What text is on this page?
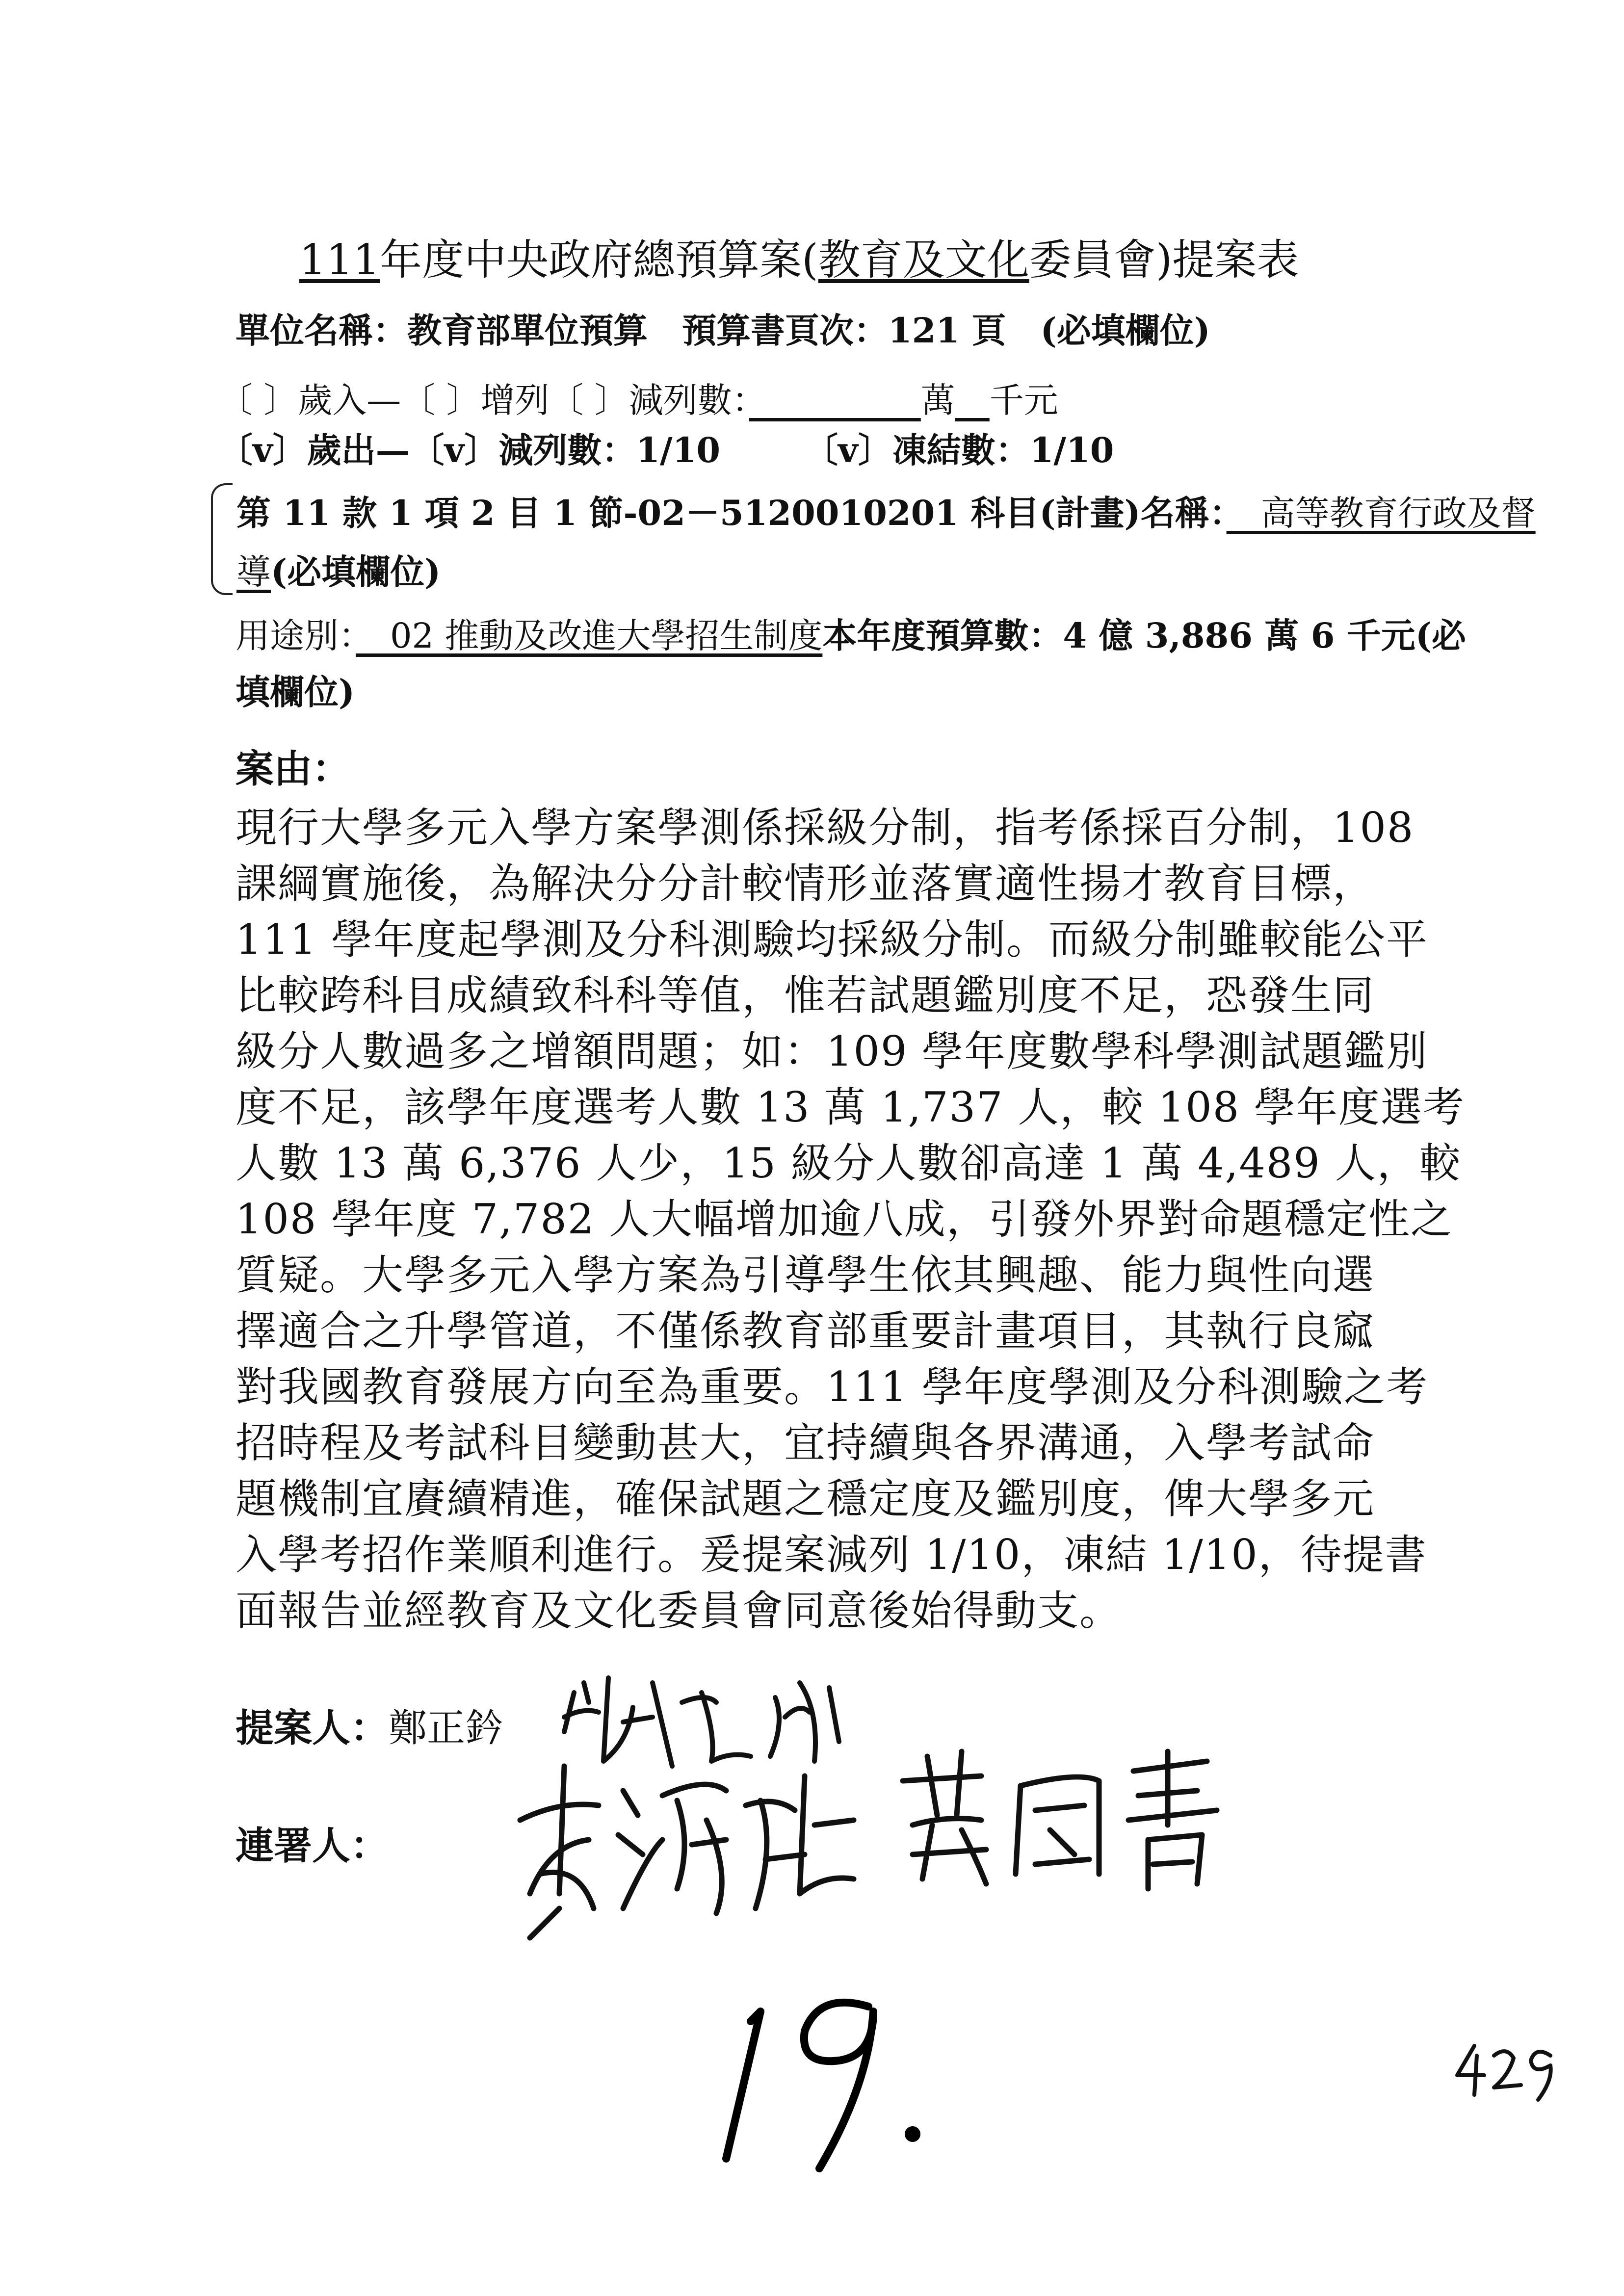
111年度中央政府總預算案(教育及文化委員會)提案表
單位名稱：教育部單位預算　預算書頁次：121 頁　(必填欄位)
〔 〕歲入—〔 〕增列〔 〕減列數：　　　　　	萬　 千元
〔v〕歲出—〔v〕減列數：1/10 〔v〕凍結數：1/10
第 11 款 1 項 2 目 1 節-02－5120010201 科目(計畫)名稱：　高等教育行政及督
導(必填欄位)
用途別：　02 推動及改進大學招生制度本年度預算數：4 億 3,886 萬 6 千元(必
填欄位)
案由：
現行大學多元入學方案學測係採級分制，指考係採百分制，108
課綱實施後，為解決分分計較情形並落實適性揚才教育目標，
111 學年度起學測及分科測驗均採級分制。而級分制雖較能公平
比較跨科目成績致科科等值，惟若試題鑑別度不足，恐發生同
級分人數過多之增額問題；如：109 學年度數學科學測試題鑑別
度不足，該學年度選考人數 13 萬 1,737 人，較 108 學年度選考
人數 13 萬 6,376 人少，15 級分人數卻高達 1 萬 4,489 人，較
108 學年度 7,782 人大幅增加逾八成，引發外界對命題穩定性之
質疑。大學多元入學方案為引導學生依其興趣、能力與性向選
擇適合之升學管道，不僅係教育部重要計畫項目，其執行良窳
對我國教育發展方向至為重要。111 學年度學測及分科測驗之考
招時程及考試科目變動甚大，宜持續與各界溝通，入學考試命
題機制宜賡續精進，確保試題之穩定度及鑑別度，俾大學多元
入學考招作業順利進行。爰提案減列 1/10，凍結 1/10，待提書
面報告並經教育及文化委員會同意後始得動支。
提案人：鄭正鈐
連署人：
